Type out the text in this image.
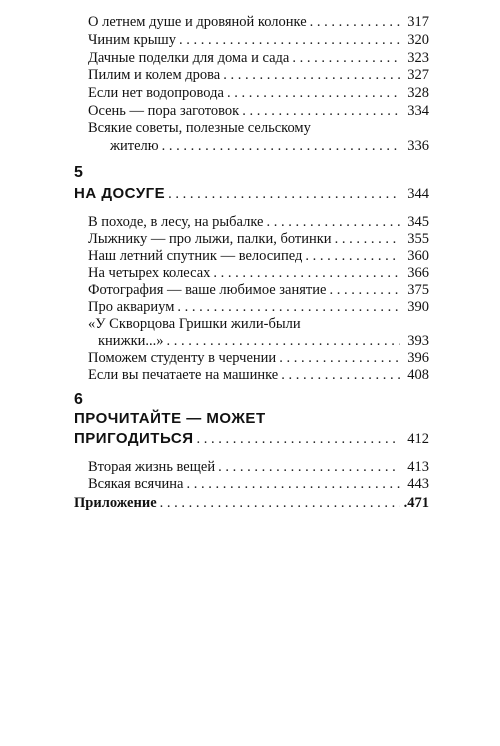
О летнем душе и дровяной колонке . . .	317
Чиним крышу . . .	320
Дачные поделки для дома и сада . . .	323
Пилим и колем дрова . . .	327
Если нет водопровода . . .	328
Осень — пора заготовок . . .	334
Всякие советы, полезные сельскому
жителю . . .	336
5
НА ДОСУГЕ . . .	344
В походе, в лесу, на рыбалке . . .	345
Лыжнику — про лыжи, палки, ботинки . . .	355
Наш летний спутник — велосипед . . .	360
На четырех колесах . . .	366
Фотография — ваше любимое занятие . . .	375
Про аквариум . . .	390
«У Скворцова Гришки жили-были
книжки...» . . .	393
Поможем студенту в черчении . . .	396
Если вы печатаете на машинке . . .	408
6
ПРОЧИТАЙТЕ — МОЖЕТ
ПРИГОДИТЬСЯ . . .	412
Вторая жизнь вещей . . .	413
Всякая всячина . . .	443
Приложение . . .	.471
